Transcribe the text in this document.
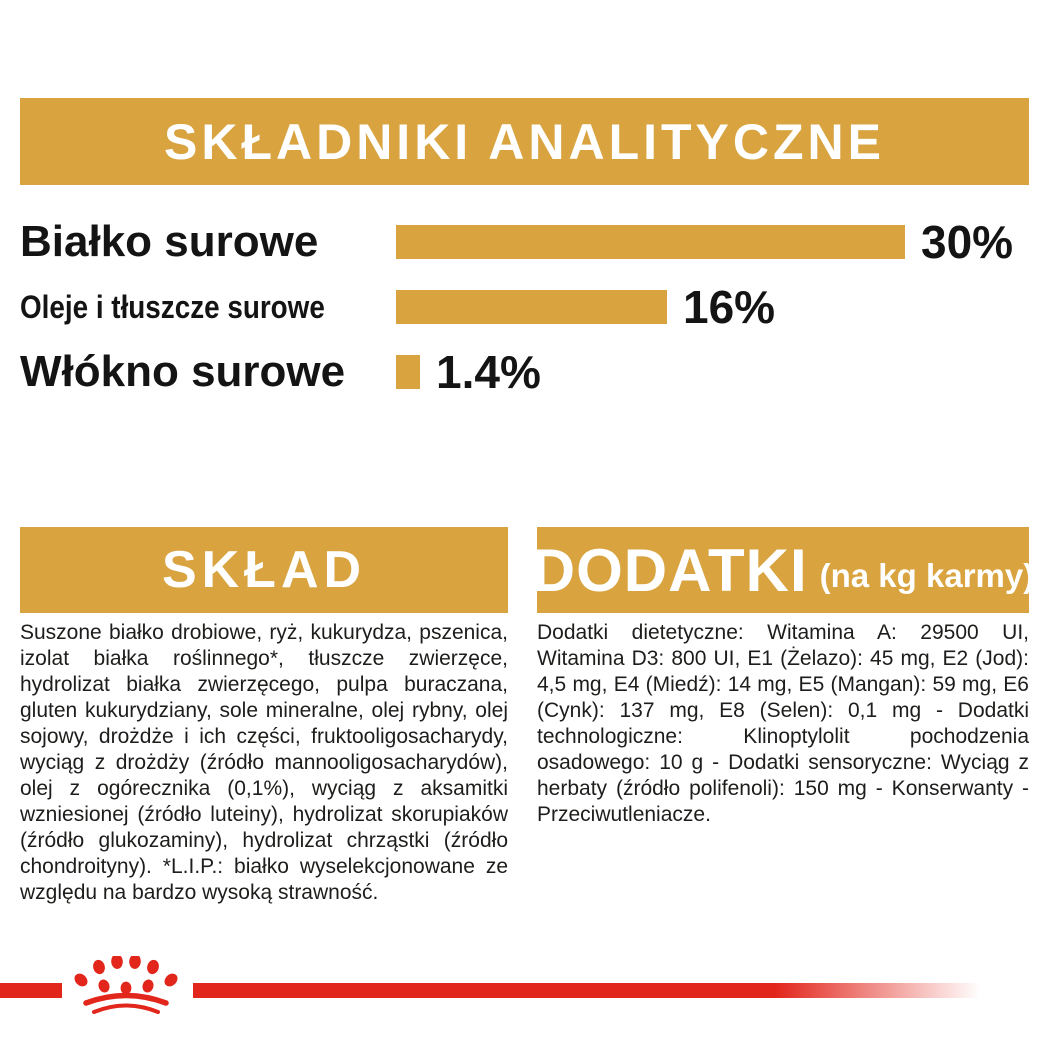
SKŁADNIKI ANALITYCZNE
Białko surowe	30%
Oleje i tłuszcze surowe	16%
Włókno surowe 1.4%
SKŁAD
Suszone białko drobiowe, ryż, kukurydza, pszenica, izolat białka roślinnego*, tłuszcze zwierzęce, hydrolizat białka zwierzęcego, pulpa buraczana, gluten kukurydziany, sole mineralne, olej rybny, olej sojowy, drożdże i ich części, fruktooligosacharydy, wyciąg z drożdży (źródło mannooligosacharydów), olej z ogórecznika (0,1%), wyciąg z aksamitki wzniesionej (źródło luteiny), hydrolizat skorupiaków (źródło glukozaminy), hydrolizat chrząstki (źródło chondroityny). *L.I.P.: białko wyselekcjonowane ze względu na bardzo wysoką strawność.
DODATKI (na kg karmy)
Dodatki dietetyczne: Witamina A: 29500 UI, Witamina D3: 800 UI, E1 (Żelazo): 45 mg, E2 (Jod): 4,5 mg, E4 (Miedź): 14 mg, E5 (Mangan): 59 mg, E6 (Cynk): 137 mg, E8 (Selen): 0,1 mg - Dodatki technologiczne: Klinoptylolit pochodzenia osadowego: 10 g - Dodatki sensoryczne: Wyciąg z herbaty (źródło polifenoli): 150 mg - Konserwanty - Przeciwutleniacze.
